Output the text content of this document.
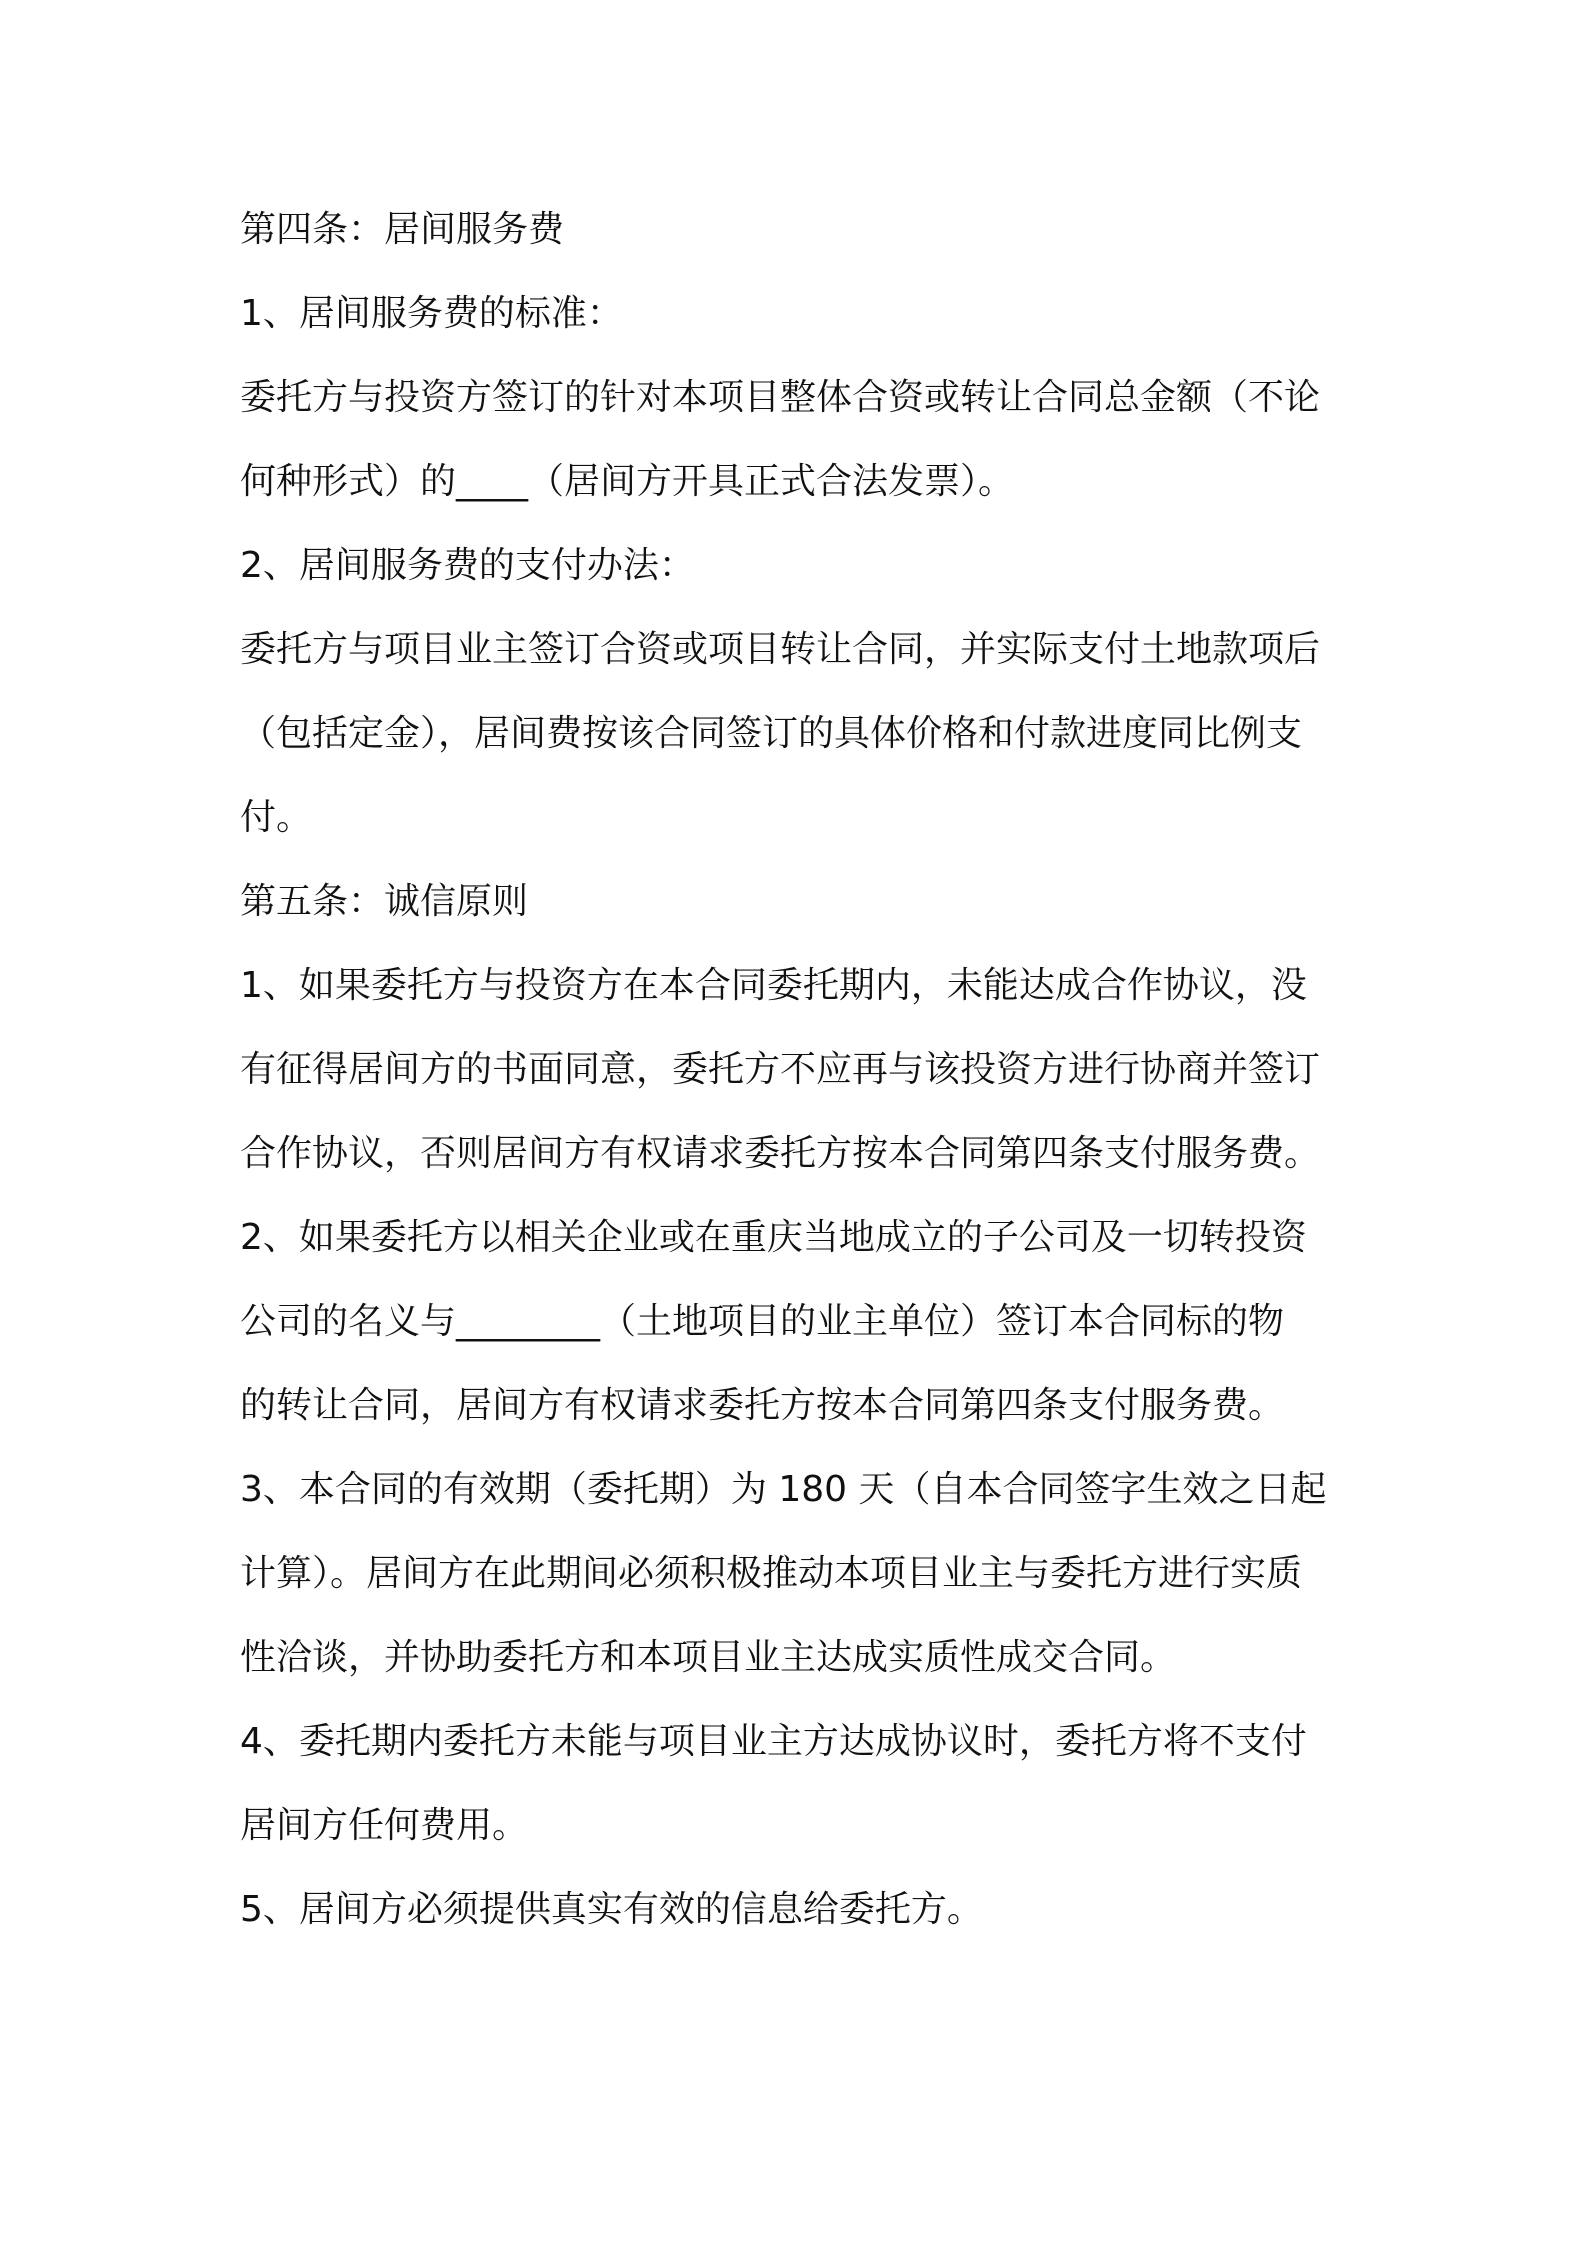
第四条：居间服务费
1、居间服务费的标准：
委托方与投资方签订的针对本项目整体合资或转让合同总金额（不论
何种形式）的____（居间方开具正式合法发票）。
2、居间服务费的支付办法：
委托方与项目业主签订合资或项目转让合同，并实际支付土地款项后
（包括定金），居间费按该合同签订的具体价格和付款进度同比例支
付。
第五条：诚信原则
1、如果委托方与投资方在本合同委托期内，未能达成合作协议，没
有征得居间方的书面同意，委托方不应再与该投资方进行协商并签订
合作协议，否则居间方有权请求委托方按本合同第四条支付服务费。
2、如果委托方以相关企业或在重庆当地成立的子公司及一切转投资
公司的名义与________（土地项目的业主单位）签订本合同标的物
的转让合同，居间方有权请求委托方按本合同第四条支付服务费。
3、本合同的有效期（委托期）为 180 天（自本合同签字生效之日起
计算）。居间方在此期间必须积极推动本项目业主与委托方进行实质
性洽谈，并协助委托方和本项目业主达成实质性成交合同。
4、委托期内委托方未能与项目业主方达成协议时，委托方将不支付
居间方任何费用。
5、居间方必须提供真实有效的信息给委托方。
